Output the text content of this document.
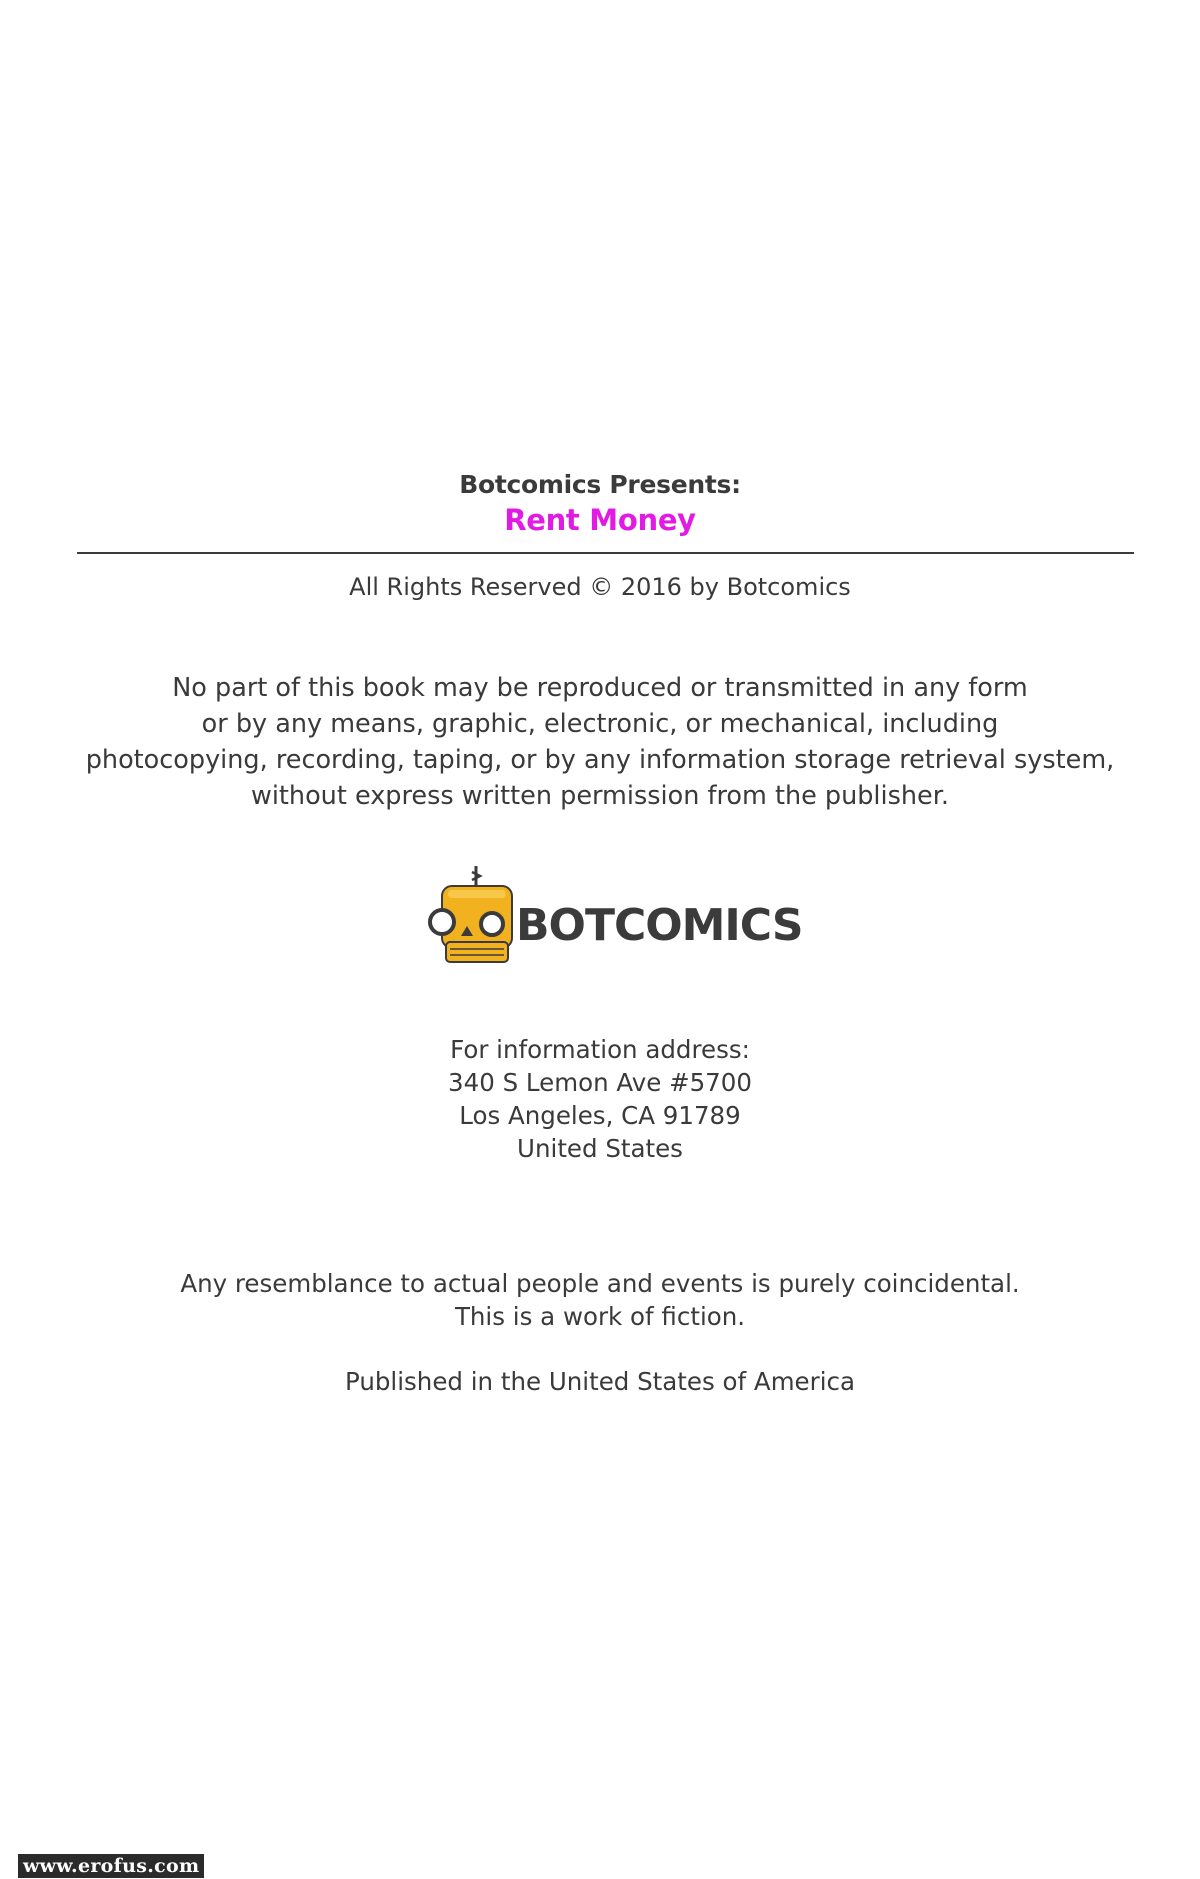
Botcomics Presents:
Rent Money
All Rights Reserved © 2016 by Botcomics
No part of this book may be reproduced or transmitted in any form
or by any means, graphic, electronic, or mechanical, including
photocopying, recording, taping, or by any information storage retrieval system,
without express written permission from the publisher.
BOTCOMICS
For information address:
340 S Lemon Ave #5700
Los Angeles, CA 91789
United States
Any resemblance to actual people and events is purely coincidental.
This is a work of fiction.
Published in the United States of America
www.erofus.com
